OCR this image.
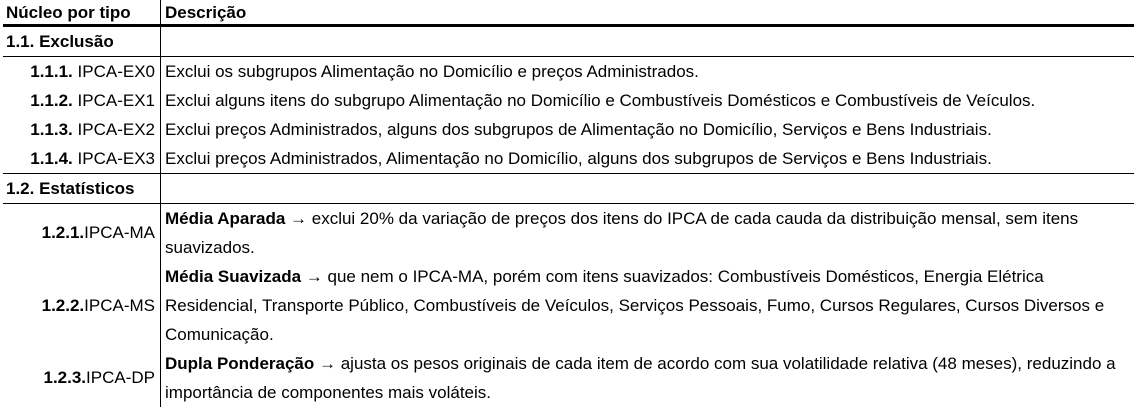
Núcleo por tipo	Descrição
1.1. Exclusão
1.1.1. IPCA-EX0 Exclui os subgrupos Alimentação no Domicílio e preços Administrados.
1.1.2. IPCA-EX1 Exclui alguns itens do subgrupo Alimentação no Domicílio e Combustíveis Domésticos e Combustíveis de Veículos.
1.1.3. IPCA-EX2 Exclui preços Administrados, alguns dos subgrupos de Alimentação no Domicílio, Serviços e Bens Industriais.
1.1.4. IPCA-EX3 Exclui preços Administrados, Alimentação no Domicílio, alguns dos subgrupos de Serviços e Bens Industriais.
1.2. Estatísticos
1.2.1. IPCA-MA
Média Aparada → exclui 20% da variação de preços dos itens do IPCA de cada cauda da distribuição mensal, sem itens suavizados.
1.2.2. IPCA-MS
Média Suavizada → que nem o IPCA-MA, porém com itens suavizados: Combustíveis Domésticos, Energia Elétrica Residencial, Transporte Público, Combustíveis de Veículos, Serviços Pessoais, Fumo, Cursos Regulares, Cursos Diversos e Comunicação.
1.2.3. IPCA-DP
Dupla Ponderação → ajusta os pesos originais de cada item de acordo com sua volatilidade relativa (48 meses), reduzindo a importância de componentes mais voláteis.
